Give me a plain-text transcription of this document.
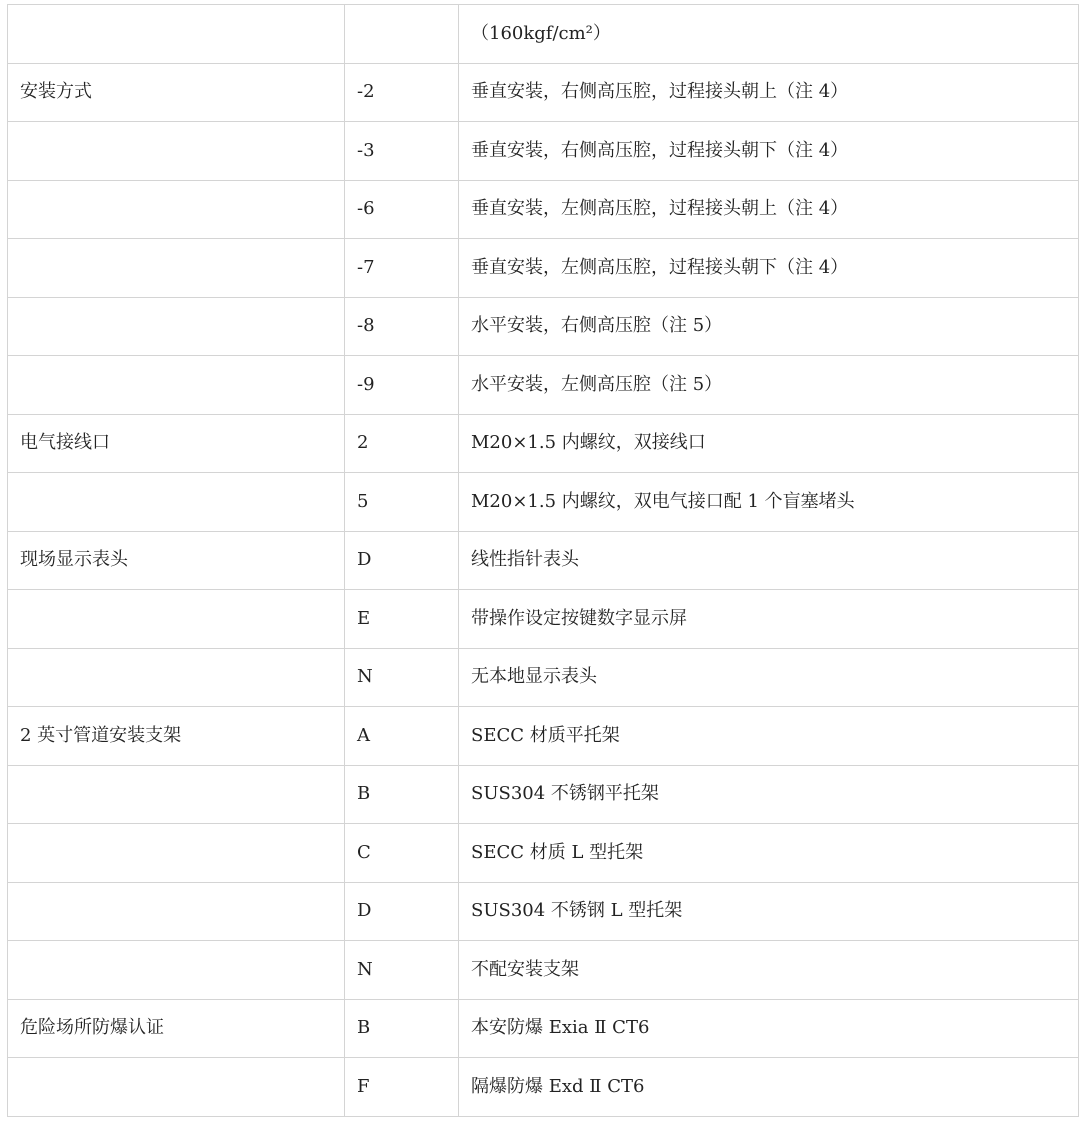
		（160kgf/cm²）
安装方式	-2	垂直安装，右侧高压腔，过程接头朝上（注 4）
	-3	垂直安装，右侧高压腔，过程接头朝下（注 4）
	-6	垂直安装，左侧高压腔，过程接头朝上（注 4）
	-7	垂直安装，左侧高压腔，过程接头朝下（注 4）
	-8	水平安装，右侧高压腔（注 5）
	-9	水平安装，左侧高压腔（注 5）
电气接线口	2	M20×1.5 内螺纹，双接线口
	5	M20×1.5 内螺纹，双电气接口配 1 个盲塞堵头
现场显示表头	D	线性指针表头
	E	带操作设定按键数字显示屏
	N	无本地显示表头
2 英寸管道安装支架	A	SECC 材质平托架
	B	SUS304 不锈钢平托架
	C	SECC 材质 L 型托架
	D	SUS304 不锈钢 L 型托架
	N	不配安装支架
危险场所防爆认证	B	本安防爆 Exia Ⅱ CT6
	F	隔爆防爆 Exd Ⅱ CT6
